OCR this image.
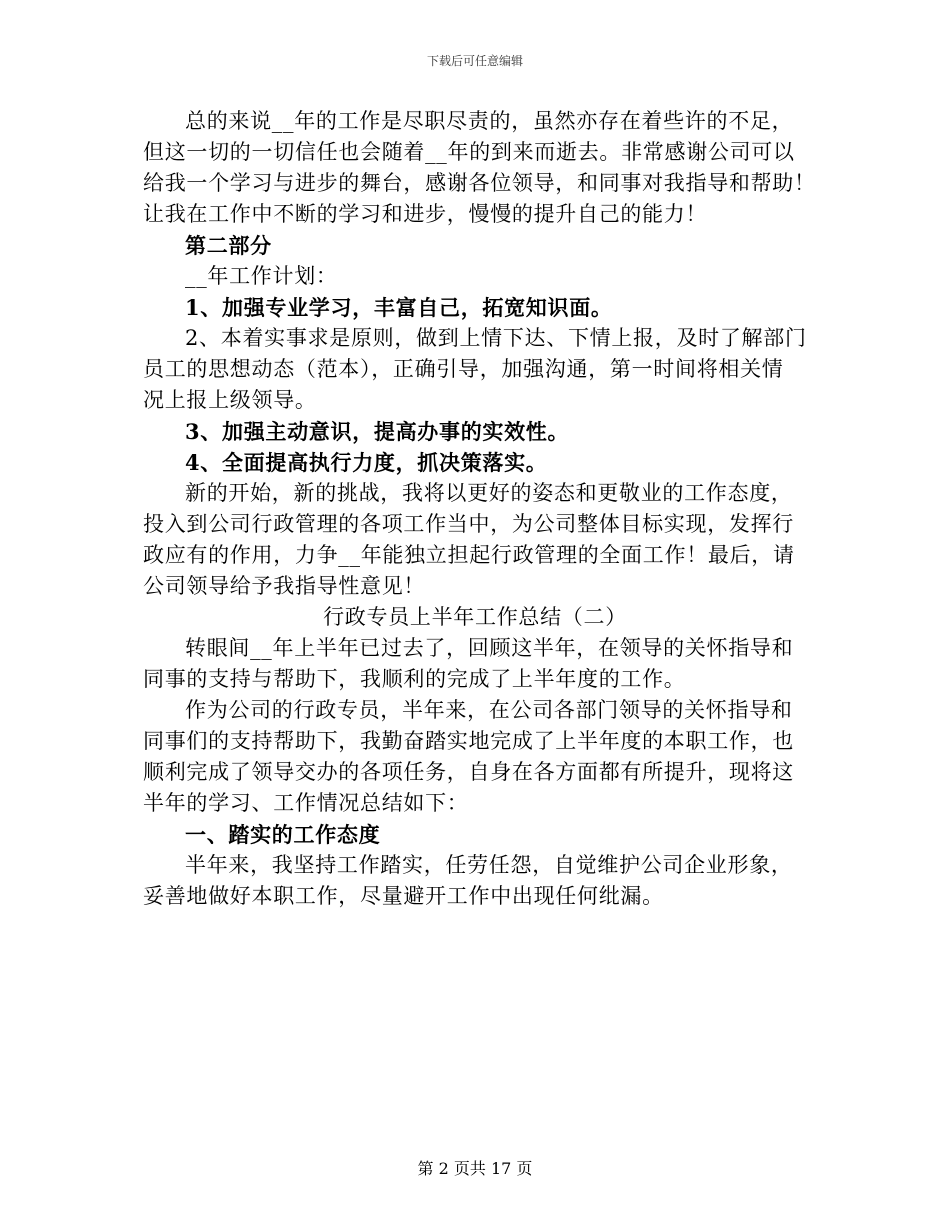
下载后可任意编辑

总的来说__年的工作是尽职尽责的，虽然亦存在着些许的不足，

但这一切的一切信任也会随着__年的到来而逝去。非常感谢公司可以

给我一个学习与进步的舞台，感谢各位领导，和同事对我指导和帮助！

让我在工作中不断的学习和进步，慢慢的提升自己的能力！

第二部分

__年工作计划：

1、加强专业学习，丰富自己，拓宽知识面。

2、本着实事求是原则，做到上情下达、下情上报，及时了解部门

员工的思想动态（范本），正确引导，加强沟通，第一时间将相关情

况上报上级领导。

3、加强主动意识，提高办事的实效性。

4、全面提高执行力度，抓决策落实。

新的开始，新的挑战，我将以更好的姿态和更敬业的工作态度，

投入到公司行政管理的各项工作当中，为公司整体目标实现，发挥行

政应有的作用，力争__年能独立担起行政管理的全面工作！最后，请

公司领导给予我指导性意见！

行政专员上半年工作总结（二）

转眼间__年上半年已过去了，回顾这半年，在领导的关怀指导和

同事的支持与帮助下，我顺利的完成了上半年度的工作。

作为公司的行政专员，半年来，在公司各部门领导的关怀指导和

同事们的支持帮助下，我勤奋踏实地完成了上半年度的本职工作，也

顺利完成了领导交办的各项任务，自身在各方面都有所提升，现将这

半年的学习、工作情况总结如下：

一、踏实的工作态度

半年来，我坚持工作踏实，任劳任怨，自觉维护公司企业形象，

妥善地做好本职工作，尽量避开工作中出现任何纰漏。

第 2 页共 17 页
